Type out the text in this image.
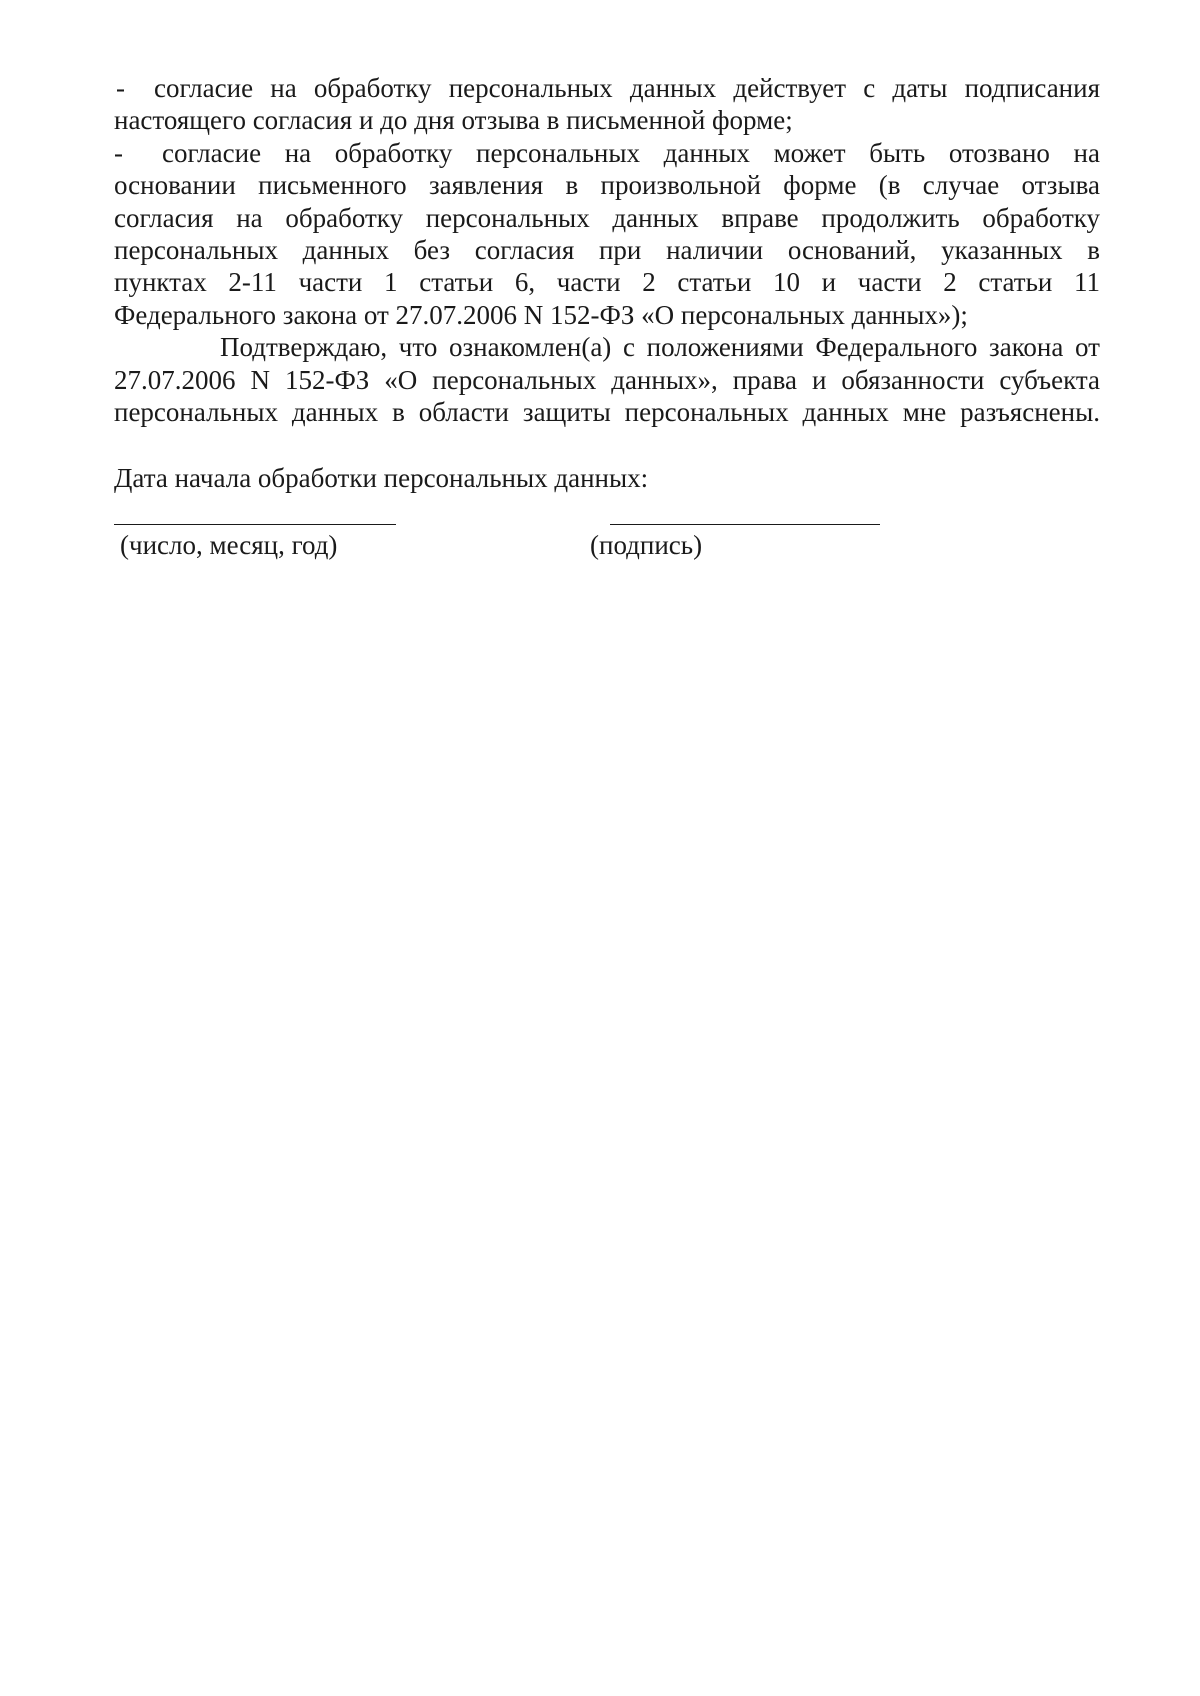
- согласие на обработку персональных данных действует с даты подписания
настоящего согласия и до дня отзыва в письменной форме;
- согласие на обработку персональных данных может быть отозвано на
основании письменного заявления в произвольной форме (в случае отзыва
согласия на обработку персональных данных вправе продолжить обработку
персональных данных без согласия при наличии оснований, указанных в
пунктах 2-11 части 1 статьи 6, части 2 статьи 10 и части 2 статьи 11
Федерального закона от 27.07.2006 N 152-ФЗ «О персональных данных»);
Подтверждаю, что ознакомлен(а) с положениями Федерального закона от
27.07.2006 N 152-ФЗ «О персональных данных», права и обязанности субъекта
персональных данных в области защиты персональных данных мне разъяснены.
Дата начала обработки персональных данных:
(число, месяц, год)	(подпись)
